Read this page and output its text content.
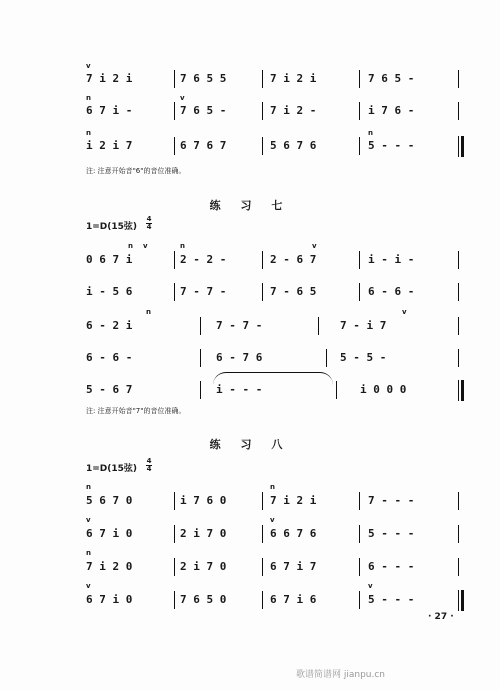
v
7 i 2 i	7 6 5 5	7 i 2 i	7 6 5 -
n	v
6 7 i -	7 6 5 -	7 i 2 -	i 7 6 -
n	n
i 2 i 7	6 7 6 7	5 6 7 6	5 - - -
注: 注意开始音"6"的音位准确。
练 习 七
1=D(15弦)
4
4
n v	n	v
0 6 7 i	2 - 2 -	2 - 6 7	i - i -
i - 5 6	7 - 7 -	7 - 6 5	6 - 6 -
n	v
6 - 2 i	7 - 7 -	7 - i 7
6 - 6 -	6 - 7 6	5 - 5 -
5 - 6 7	i - - -	i 0 0 0
注: 注意开始音"7"的音位准确。
练 习 八
1=D(15弦)
4
4
n	n
5 6 7 0	i 7 6 0	7 i 2 i	7 - - -
v	v
6 7 i 0	2 i 7 0	6 6 7 6	5 - - -
n
7 i 2 0	2 i 7 0	6 7 i 7	6 - - -
v	v
6 7 i 0	7 6 5 0	6 7 i 6	5 - - -
· 27 ·
歌谱简谱网 jianpu.cn
